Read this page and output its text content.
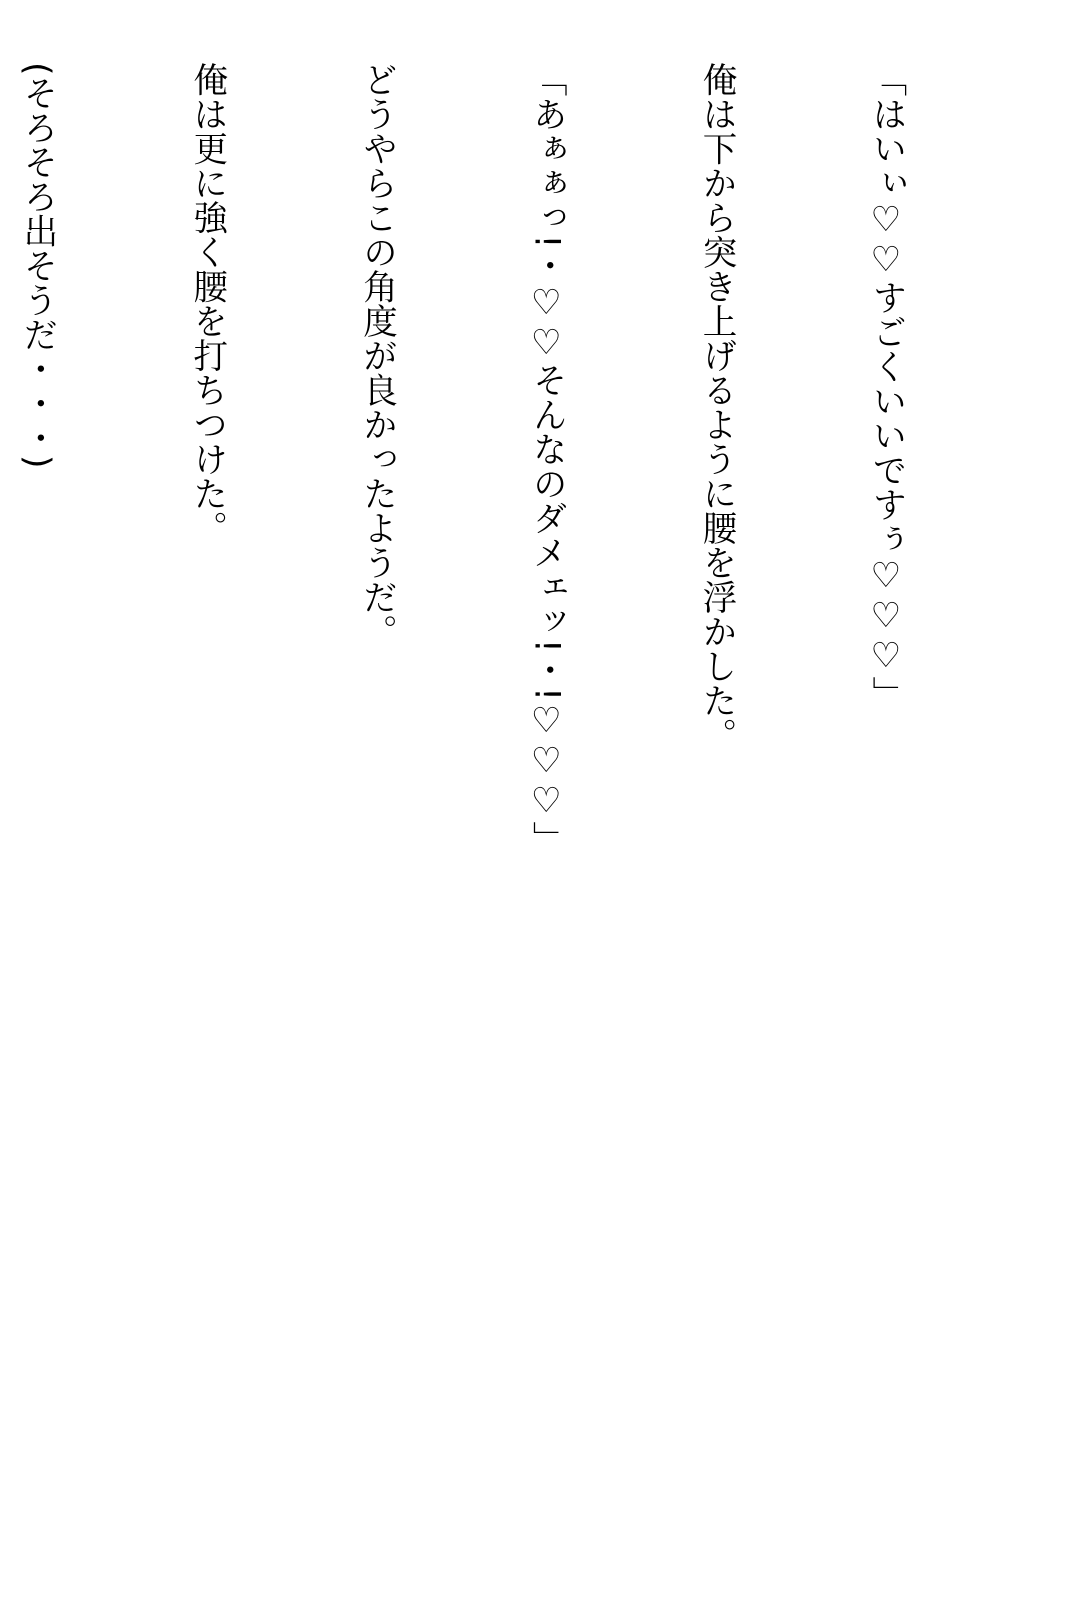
「はいぃ♡♡すごくいいですぅ♡♡♡」

俺は下から突き上げるように腰を浮かした。

「あぁぁっ!・♡♡そんなのダメェッ!・!♡♡♡」

どうやらこの角度が良かったようだ。

俺は更に強く腰を打ちつけた。

(そろそろ出そうだ・・・)
